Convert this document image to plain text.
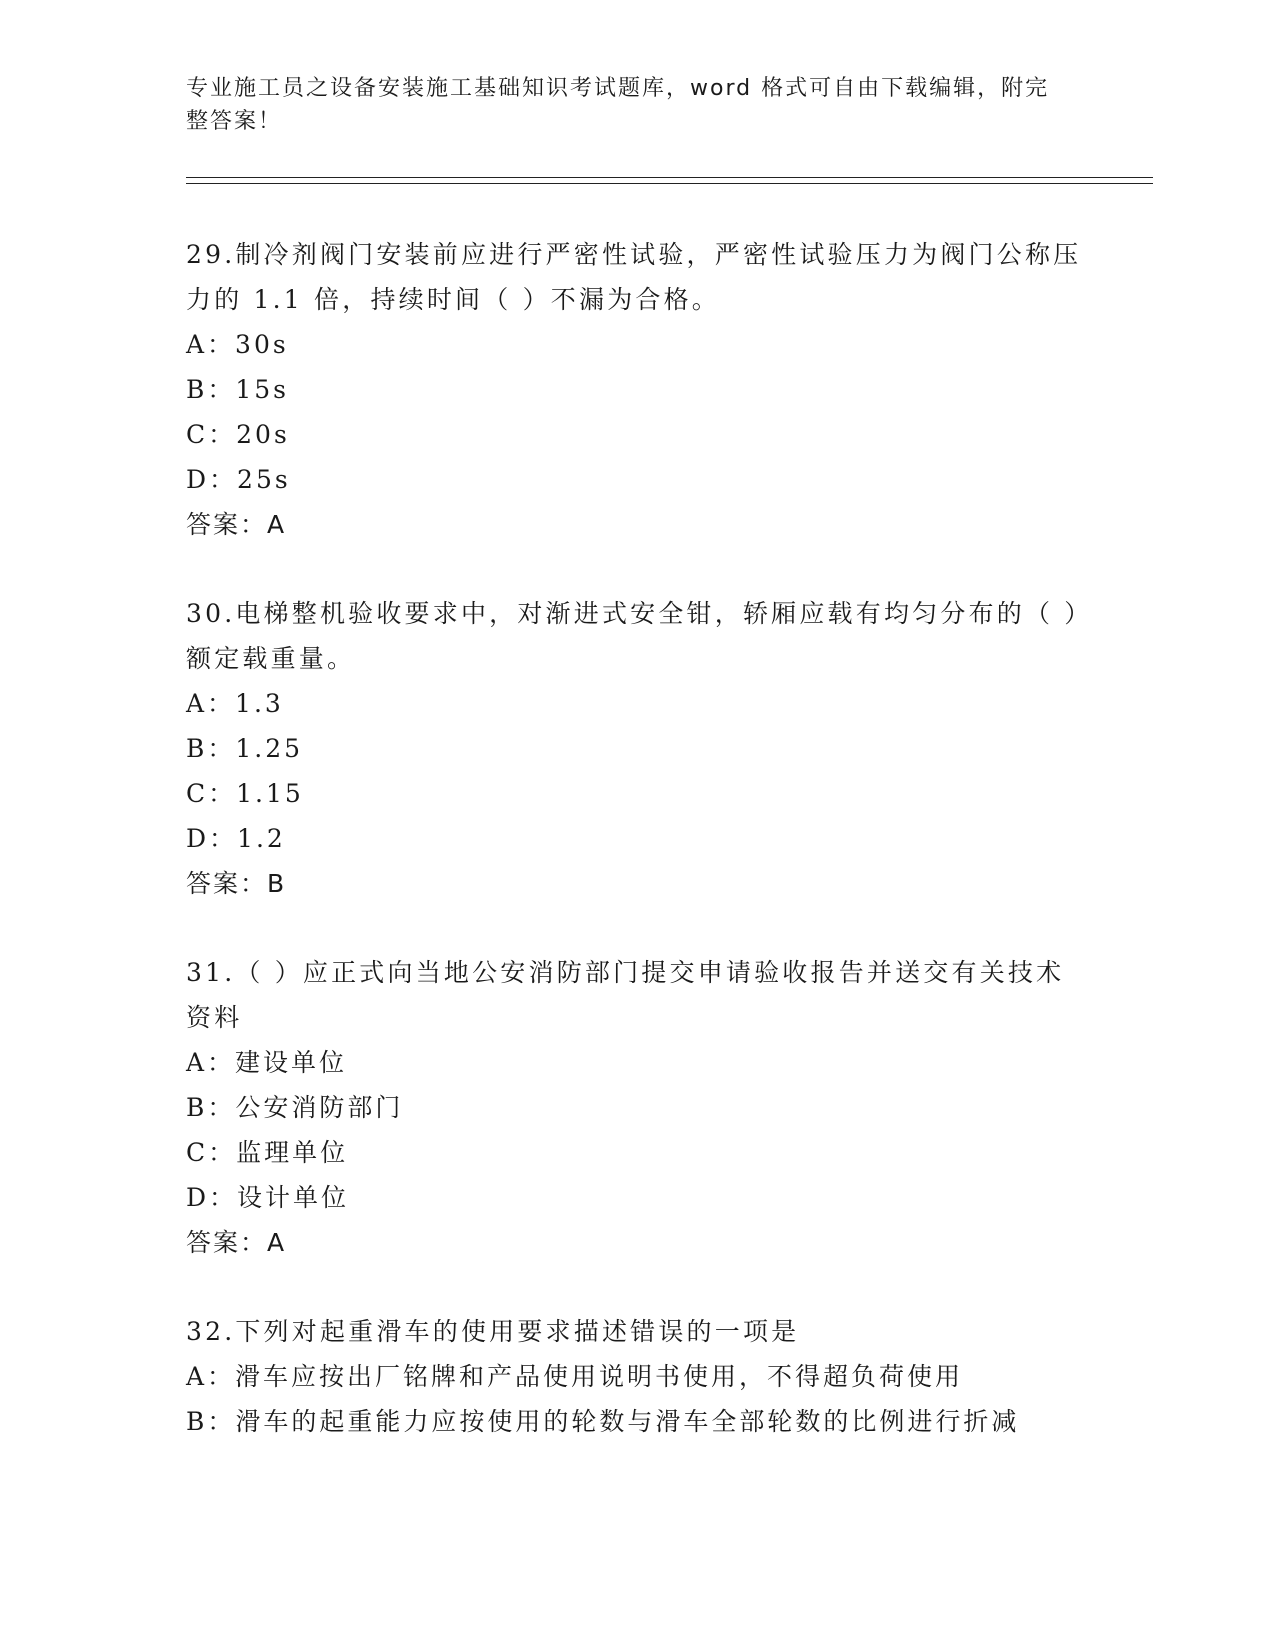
专业施工员之设备安装施工基础知识考试题库，word 格式可自由下载编辑，附完整答案！

29.制冷剂阀门安装前应进行严密性试验，严密性试验压力为阀门公称压力的 1.1 倍，持续时间（ ）不漏为合格。

A：30s

B：15s

C：20s

D：25s

答案：A

30.电梯整机验收要求中，对渐进式安全钳，轿厢应载有均匀分布的（ ）额定载重量。

A：1.3

B：1.25

C：1.15

D：1.2

答案：B

31.（ ）应正式向当地公安消防部门提交申请验收报告并送交有关技术资料

A：建设单位

B：公安消防部门

C：监理单位

D：设计单位

答案：A

32.下列对起重滑车的使用要求描述错误的一项是

A：滑车应按出厂铭牌和产品使用说明书使用，不得超负荷使用

B：滑车的起重能力应按使用的轮数与滑车全部轮数的比例进行折减
